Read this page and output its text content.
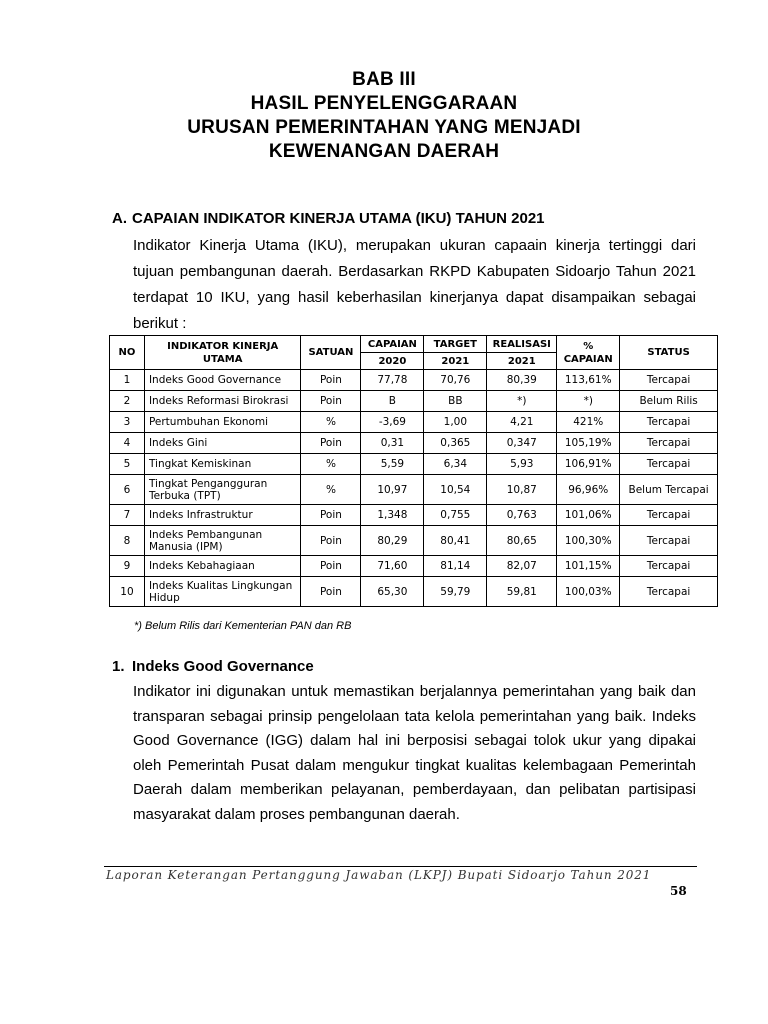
BAB III
HASIL PENYELENGGARAAN
URUSAN PEMERINTAHAN YANG MENJADI
KEWENANGAN DAERAH
A. CAPAIAN INDIKATOR KINERJA UTAMA (IKU) TAHUN 2021
Indikator Kinerja Utama (IKU), merupakan ukuran capaain kinerja tertinggi dari tujuan pembangunan daerah. Berdasarkan RKPD Kabupaten Sidoarjo Tahun 2021 terdapat 10 IKU, yang hasil keberhasilan kinerjanya dapat disampaikan sebagai berikut :
NO	INDIKATOR KINERJA UTAMA	SATUAN	CAPAIAN	TARGET	REALISASI	% CAPAIAN	STATUS
			2020	2021	2021		
1	Indeks Good Governance	Poin	77,78	70,76	80,39	113,61%	Tercapai
2	Indeks Reformasi Birokrasi	Poin	B	BB	*)	*)	Belum Rilis
3	Pertumbuhan Ekonomi	%	-3,69	1,00	4,21	421%	Tercapai
4	Indeks Gini	Poin	0,31	0,365	0,347	105,19%	Tercapai
5	Tingkat Kemiskinan	%	5,59	6,34	5,93	106,91%	Tercapai
6	Tingkat Pengangguran Terbuka (TPT)	%	10,97	10,54	10,87	96,96%	Belum Tercapai
7	Indeks Infrastruktur	Poin	1,348	0,755	0,763	101,06%	Tercapai
8	Indeks Pembangunan Manusia (IPM)	Poin	80,29	80,41	80,65	100,30%	Tercapai
9	Indeks Kebahagiaan	Poin	71,60	81,14	82,07	101,15%	Tercapai
10	Indeks Kualitas Lingkungan Hidup	Poin	65,30	59,79	59,81	100,03%	Tercapai
*) Belum Rilis dari Kementerian PAN dan RB
1. Indeks Good Governance
Indikator ini digunakan untuk memastikan berjalannya pemerintahan yang baik dan transparan sebagai prinsip pengelolaan tata kelola pemerintahan yang baik. Indeks Good Governance (IGG) dalam hal ini berposisi sebagai tolok ukur yang dipakai oleh Pemerintah Pusat dalam mengukur tingkat kualitas kelembagaan Pemerintah Daerah dalam memberikan pelayanan, pemberdayaan, dan pelibatan partisipasi masyarakat dalam proses pembangunan daerah.
Laporan Keterangan Pertanggung Jawaban (LKPJ) Bupati Sidoarjo Tahun 2021
58
